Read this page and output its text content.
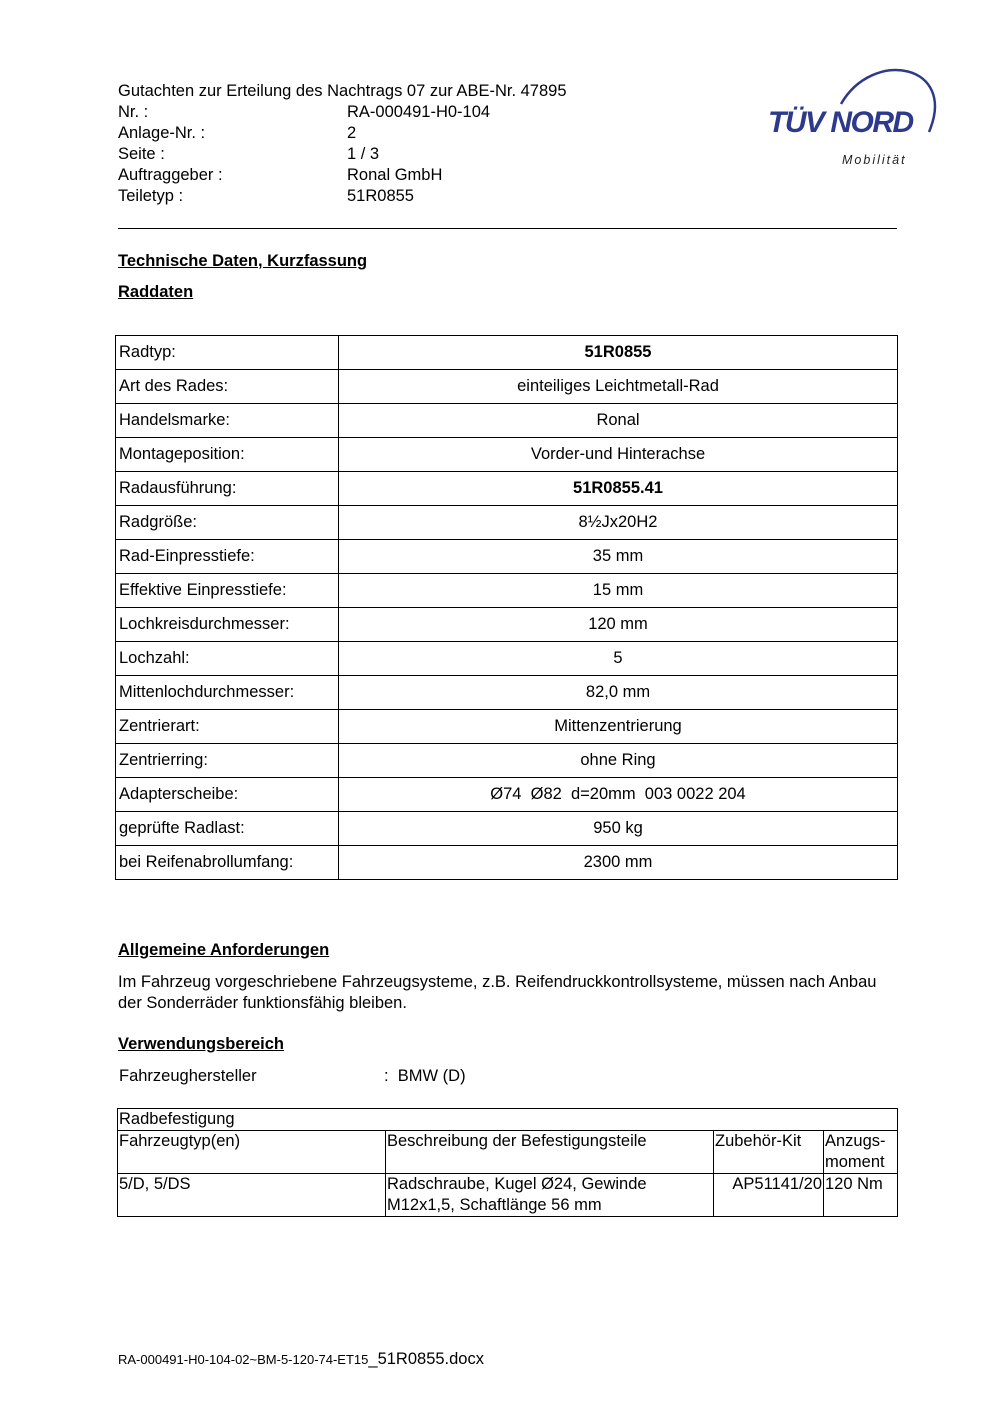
Gutachten zur Erteilung des Nachtrags 07 zur ABE-Nr. 47895
Nr. :	RA-000491-H0-104
Anlage-Nr. :	2
Seite :	1 / 3
Auftraggeber :	Ronal GmbH
Teiletyp :	51R0855
TÜV NORD
Mobilität
Technische Daten, Kurzfassung
Raddaten
Radtyp:	51R0855
Art des Rades:	einteiliges Leichtmetall-Rad
Handelsmarke:	Ronal
Montageposition:	Vorder-und Hinterachse
Radausführung:	51R0855.41
Radgröße:	8½Jx20H2
Rad-Einpresstiefe:	35 mm
Effektive Einpresstiefe:	15 mm
Lochkreisdurchmesser:	120 mm
Lochzahl:	5
Mittenlochdurchmesser:	82,0 mm
Zentrierart:	Mittenzentrierung
Zentrierring:	ohne Ring
Adapterscheibe:	Ø74  Ø82  d=20mm  003 0022 204
geprüfte Radlast:	950 kg
bei Reifenabrollumfang:	2300 mm
Allgemeine Anforderungen
Im Fahrzeug vorgeschriebene Fahrzeugsysteme, z.B. Reifendruckkontrollsysteme, müssen nach Anbau der Sonderräder funktionsfähig bleiben.
Verwendungsbereich
Fahrzeughersteller	:  BMW (D)
Radbefestigung			
Fahrzeugtyp(en)	Beschreibung der Befestigungsteile	Zubehör-Kit	Anzugs-moment
5/D, 5/DS	Radschraube, Kugel Ø24, Gewinde M12x1,5, Schaftlänge 56 mm	AP51141/20	120 Nm
RA-000491-H0-104-02~BM-5-120-74-ET15_51R0855.docx
